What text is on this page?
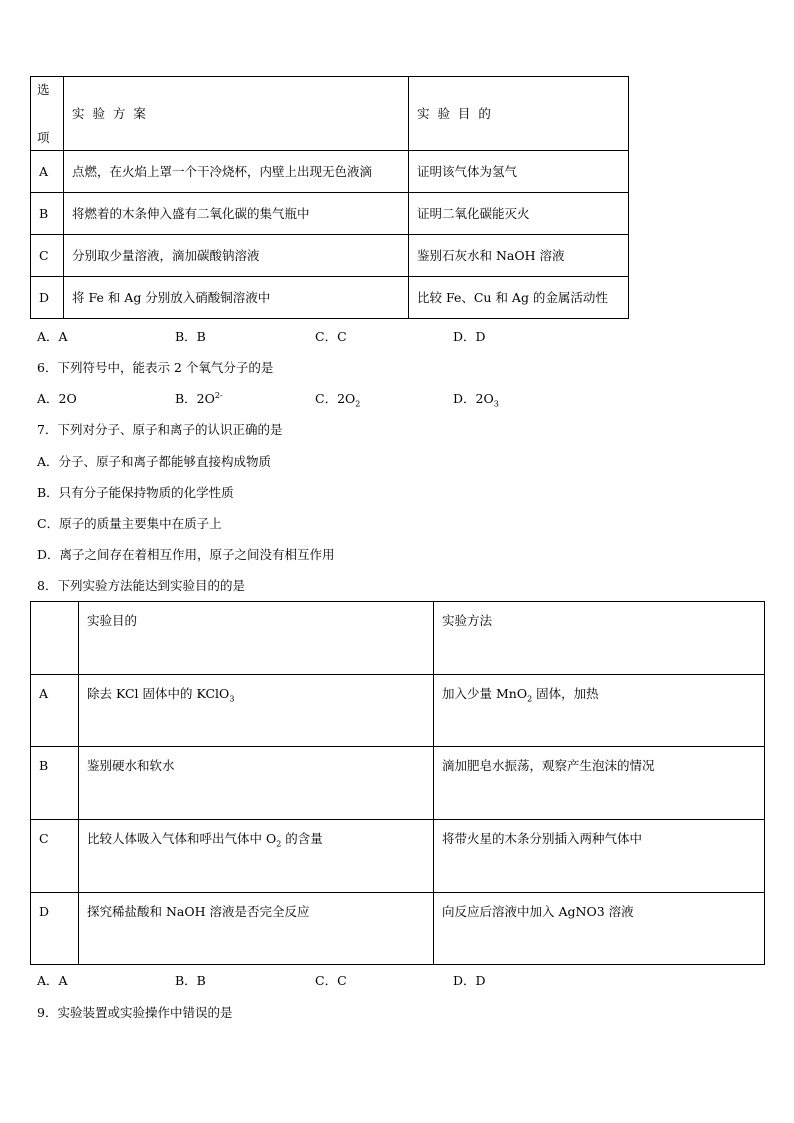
选

项	实  验  方  案	实  验  目  的
A	点燃，在火焰上罩一个干冷烧杯，内壁上出现无色液滴	证明该气体为氢气
B	将燃着的木条伸入盛有二氧化碳的集气瓶中	证明二氧化碳能灭火
C	分别取少量溶液，滴加碳酸钠溶液	鉴别石灰水和 NaOH 溶液
D	将 Fe 和 Ag 分别放入硝酸铜溶液中	比较 Fe、Cu 和 Ag 的金属活动性
A．A	B．B	C．C	D．D
6．下列符号中，能表示 2 个氧气分子的是
A．2O	B．$2O^{2-}$	C．$2O_2$	D．$2O_3$
7．下列对分子、原子和离子的认识正确的是
A．分子、原子和离子都能够直接构成物质
B．只有分子能保持物质的化学性质
C．原子的质量主要集中在质子上
D．离子之间存在着相互作用，原子之间没有相互作用
8．下列实验方法能达到实验目的的是
	实验目的	实验方法
A	除去 KCl 固体中的 KClO$_3$	加入少量 MnO$_2$ 固体，加热
B	鉴别硬水和软水	滴加肥皂水振荡，观察产生泡沫的情况
C	比较人体吸入气体和呼出气体中 $O_2$ 的含量	将带火星的木条分别插入两种气体中
D	探究稀盐酸和 NaOH 溶液是否完全反应	向反应后溶液中加入 AgNO3 溶液
A．A	B．B	C．C	D．D
9．实验装置或实验操作中错误的是
